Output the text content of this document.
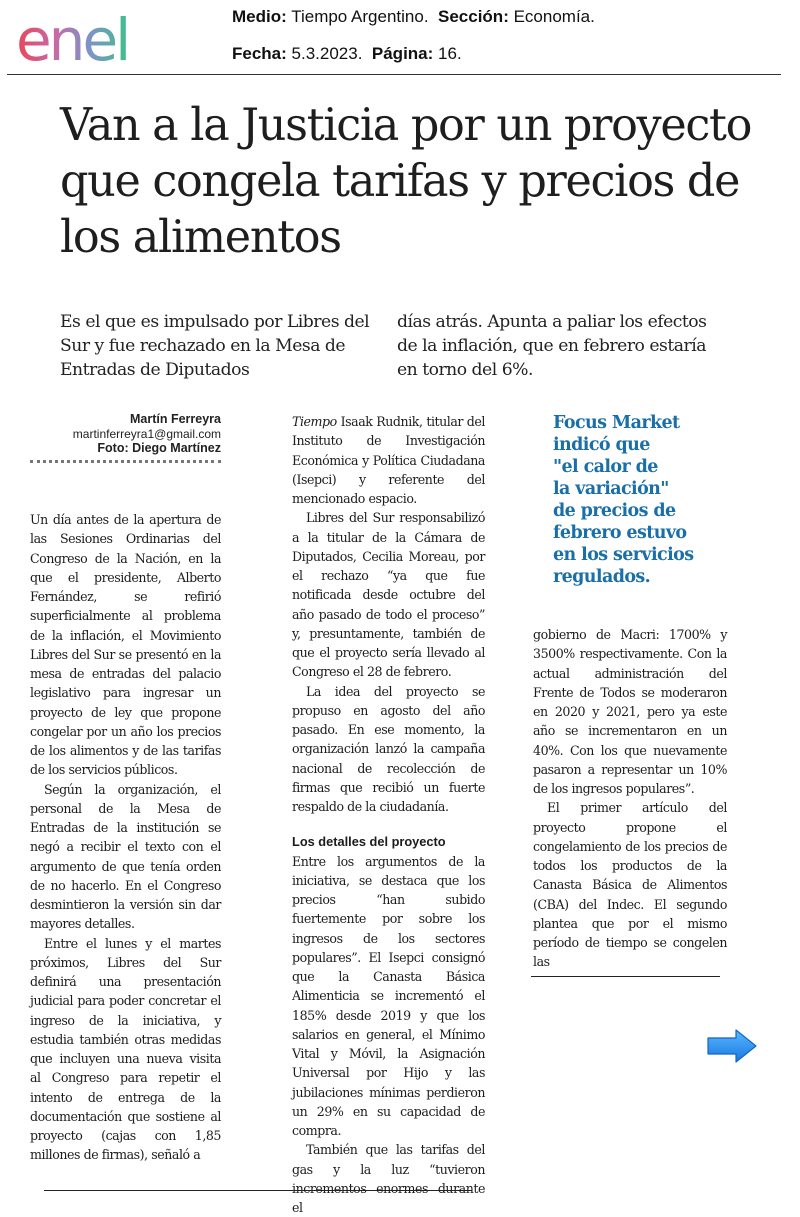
enel	Medio: Tiempo Argentino. Sección: Economía.
Fecha: 5.3.2023. Página: 16.
Van a la Justicia por un proyecto que congela tarifas y precios de los alimentos

Es el que es impulsado por Libres del Sur y fue rechazado en la Mesa de Entradas de Diputados

días atrás. Apunta a paliar los efectos de la inflación, que en febrero estaría en torno del 6%.

Martín Ferreyra
martinferreyra1@gmail.com
Foto: Diego Martínez

Un día antes de la apertura de las Sesiones Ordinarias del Congreso de la Nación, en la que el presidente, Alberto Fernández, se refirió superficialmente al problema de la inflación, el Movimiento Libres del Sur se presentó en la mesa de entradas del palacio legislativo para ingresar un proyecto de ley que propone congelar por un año los precios de los alimentos y de las tarifas de los servicios públicos.

Según la organización, el personal de la Mesa de Entradas de la institución se negó a recibir el texto con el argumento de que tenía orden de no hacerlo. En el Congreso desmintieron la versión sin dar mayores detalles.

Entre el lunes y el martes próximos, Libres del Sur definirá una presentación judicial para poder concretar el ingreso de la iniciativa, y estudia también otras medidas que incluyen una nueva visita al Congreso para repetir el intento de entrega de la documentación que sostiene al proyecto (cajas con 1,85 millones de firmas), señaló a

Tiempo Isaak Rudnik, titular del Instituto de Investigación Económica y Política Ciudadana (Isepci) y referente del mencionado espacio.

Libres del Sur responsabilizó a la titular de la Cámara de Diputados, Cecilia Moreau, por el rechazo “ya que fue notificada desde octubre del año pasado de todo el proceso” y, presuntamente, también de que el proyecto sería llevado al Congreso el 28 de febrero.

La idea del proyecto se propuso en agosto del año pasado. En ese momento, la organización lanzó la campaña nacional de recolección de firmas que recibió un fuerte respaldo de la ciudadanía.

Los detalles del proyecto

Entre los argumentos de la iniciativa, se destaca que los precios “han subido fuertemente por sobre los ingresos de los sectores populares”. El Isepci consignó que la Canasta Básica Alimenticia se incrementó el 185% desde 2019 y que los salarios en general, el Mínimo Vital y Móvil, la Asignación Universal por Hijo y las jubilaciones mínimas perdieron un 29% en su capacidad de compra.

También que las tarifas del gas y la luz “tuvieron incrementos enormes durante el

Focus Market
indicó que
"el calor de
la variación"
de precios de
febrero estuvo
en los servicios
regulados.

gobierno de Macri: 1700% y 3500% respectivamente. Con la actual administración del Frente de Todos se moderaron en 2020 y 2021, pero ya este año se incrementaron en un 40%. Con los que nuevamente pasaron a representar un 10% de los ingresos populares”.

El primer artículo del proyecto propone el congelamiento de los precios de todos los productos de la Canasta Básica de Alimentos (CBA) del Indec. El segundo plantea que por el mismo período de tiempo se congelen las
